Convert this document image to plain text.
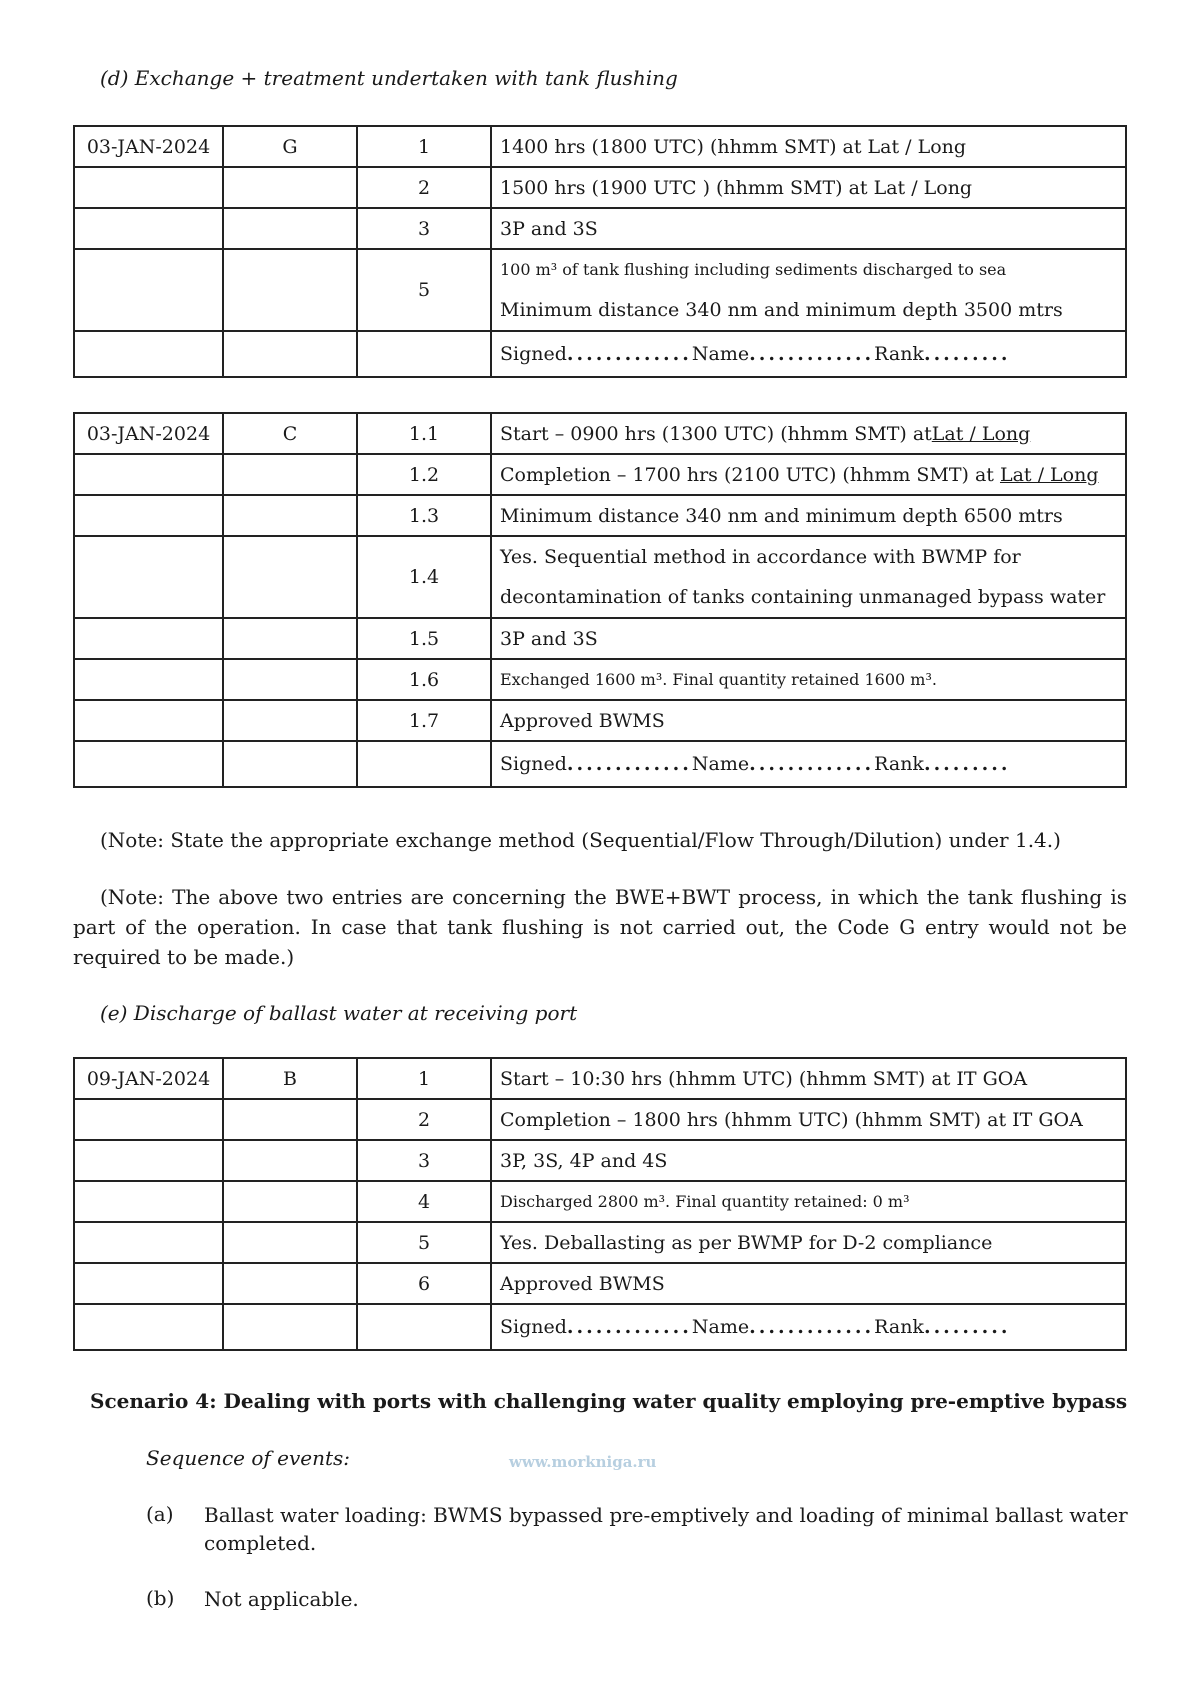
(d) Exchange + treatment undertaken with tank flushing
03-JAN-2024	G	1	1400 hrs (1800 UTC) (hhmm SMT) at Lat / Long
		2	1500 hrs (1900 UTC ) (hhmm SMT) at Lat / Long
		3	3P and 3S
		5	100 m³ of tank flushing including sediments discharged to sea
Minimum distance 340 nm and minimum depth 3500 mtrs

			Signed.............Name.............Rank.........
03-JAN-2024	C	1.1	Start – 0900 hrs (1300 UTC) (hhmm SMT) atLat / Long
		1.2	Completion – 1700 hrs (2100 UTC) (hhmm SMT) at Lat / Long
		1.3	Minimum distance 340 nm and minimum depth 6500 mtrs
		1.4	Yes. Sequential method in accordance with BWMP for
decontamination of tanks containing unmanaged bypass water

		1.5	3P and 3S
		1.6	Exchanged 1600 m³. Final quantity retained 1600 m³.
		1.7	Approved BWMS
			Signed.............Name.............Rank.........
(Note: State the appropriate exchange method (Sequential/Flow Through/Dilution) under 1.4.)
(Note: The above two entries are concerning the BWE+BWT process, in which the tank flushing is part of the operation. In case that tank flushing is not carried out, the Code G entry would not be required to be made.)
(e) Discharge of ballast water at receiving port
09-JAN-2024	B	1	Start – 10:30 hrs (hhmm UTC) (hhmm SMT) at IT GOA
		2	Completion – 1800 hrs (hhmm UTC) (hhmm SMT) at IT GOA
		3	3P, 3S, 4P and 4S
		4	Discharged 2800 m³. Final quantity retained: 0 m³
		5	Yes. Deballasting as per BWMP for D-2 compliance
		6	Approved BWMS
			Signed.............Name.............Rank.........
Scenario 4: Dealing with ports with challenging water quality employing pre-emptive bypass
Sequence of events:	www.morkniga.ru
(a) Ballast water loading: BWMS bypassed pre-emptively and loading of minimal ballast water completed.
(b) Not applicable.
